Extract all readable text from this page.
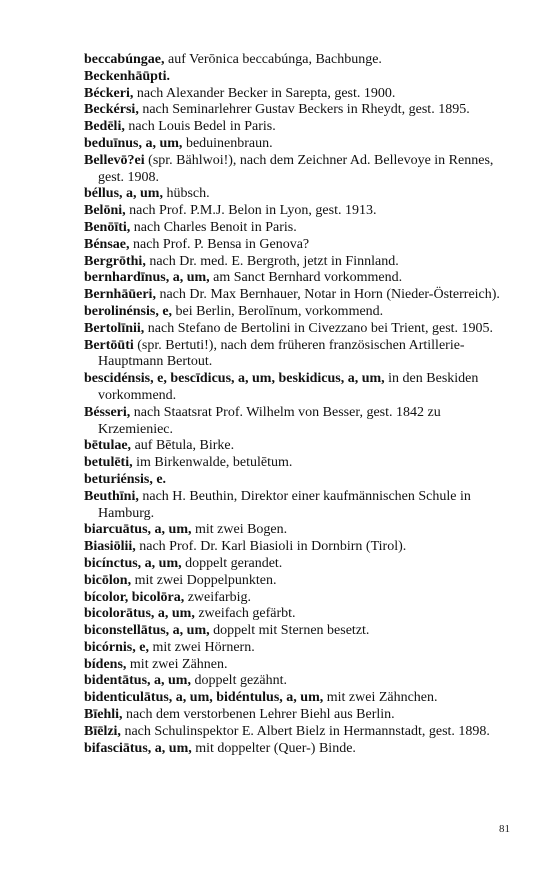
beccabúngae, auf Verōnica beccabúnga, Bachbunge.

Beckenhāūpti.

Béckeri, nach Alexander Becker in Sarepta, gest. 1900.

Beckérsi, nach Seminarlehrer Gustav Beckers in Rheydt, gest. 1895.

Bedēli, nach Louis Bedel in Paris.

beduīnus, a, um, beduinenbraun.

Bellevō?ei (spr. Bählwoi!), nach dem Zeichner Ad. Bellevoye in Rennes, gest. 1908.

béllus, a, um, hübsch.

Belōni, nach Prof. P.M.J. Belon in Lyon, gest. 1913.

Benōīti, nach Charles Benoit in Paris.

Bénsae, nach Prof. P. Bensa in Genova?

Bergrōthi, nach Dr. med. E. Bergroth, jetzt in Finnland.

bernhardīnus, a, um, am Sanct Bernhard vorkommend.

Bernhāūeri, nach Dr. Max Bernhauer, Notar in Horn (Nieder-Österreich).

berolinénsis, e, bei Berlin, Berolīnum, vorkommend.

Bertolīnii, nach Stefano de Bertolini in Civezzano bei Trient, gest. 1905.

Bertōūti (spr. Bertuti!), nach dem früheren französischen Artillerie-Hauptmann Bertout.

bescidénsis, e, bescīdicus, a, um, beskidicus, a, um, in den Beskiden vorkommend.

Bésseri, nach Staatsrat Prof. Wilhelm von Besser, gest. 1842 zu Krzemieniec.

bētulae, auf Bētula, Birke.

betulēti, im Birkenwalde, betulētum.

beturiénsis, e.

Beuthīni, nach H. Beuthin, Direktor einer kaufmännischen Schule in Hamburg.

biarcuātus, a, um, mit zwei Bogen.

Biasiōlii, nach Prof. Dr. Karl Biasioli in Dornbirn (Tirol).

bicínctus, a, um, doppelt gerandet.

bicōlon, mit zwei Doppelpunkten.

bícolor, bicolōra, zweifarbig.

bicolorātus, a, um, zweifach gefärbt.

biconstellātus, a, um, doppelt mit Sternen besetzt.

bicórnis, e, mit zwei Hörnern.

bídens, mit zwei Zähnen.

bidentātus, a, um, doppelt gezähnt.

bidenticulātus, a, um, bidéntulus, a, um, mit zwei Zähnchen.

Bīehli, nach dem verstorbenen Lehrer Biehl aus Berlin.

Bīēlzi, nach Schulinspektor E. Albert Bielz in Hermannstadt, gest. 1898.

bifasciātus, a, um, mit doppelter (Quer-) Binde.

81
